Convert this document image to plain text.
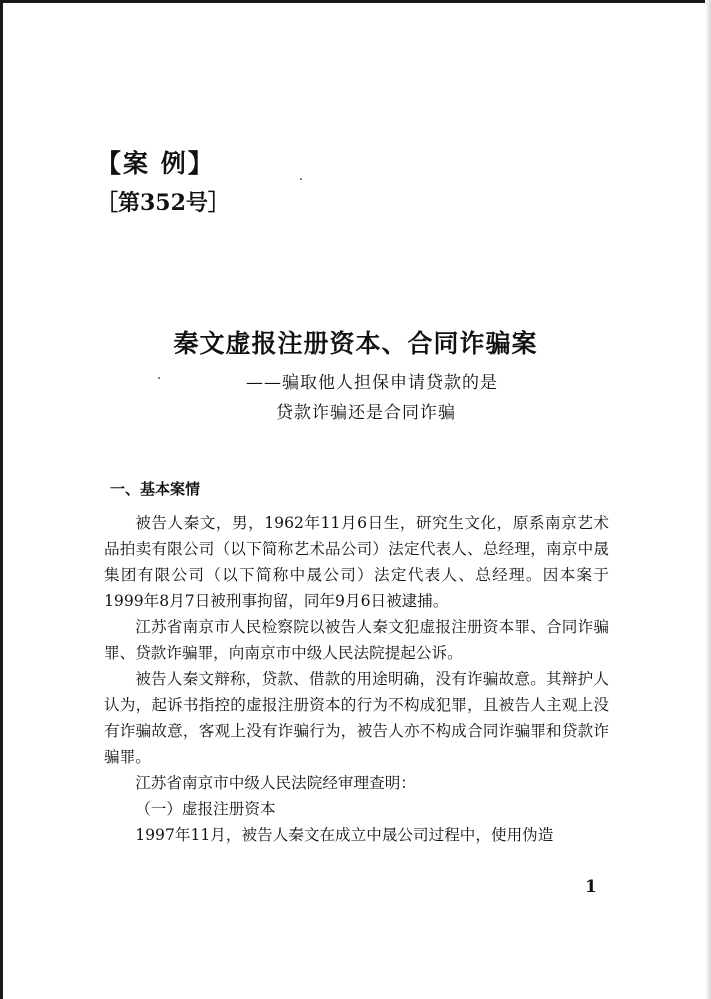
【案 例】
［第352号］
秦文虚报注册资本、合同诈骗案
——骗取他人担保申请贷款的是
贷款诈骗还是合同诈骗
一、基本案情

被告人秦文，男，1962年11月6日生，研究生文化，原系南京艺术品拍卖有限公司（以下简称艺术品公司）法定代表人、总经理，南京中晟集团有限公司（以下简称中晟公司）法定代表人、总经理。因本案于1999年8月7日被刑事拘留，同年9月6日被逮捕。

江苏省南京市人民检察院以被告人秦文犯虚报注册资本罪、合同诈骗罪、贷款诈骗罪，向南京市中级人民法院提起公诉。

被告人秦文辩称，贷款、借款的用途明确，没有诈骗故意。其辩护人认为，起诉书指控的虚报注册资本的行为不构成犯罪，且被告人主观上没有诈骗故意，客观上没有诈骗行为，被告人亦不构成合同诈骗罪和贷款诈骗罪。

江苏省南京市中级人民法院经审理查明：

（一）虚报注册资本

1997年11月，被告人秦文在成立中晟公司过程中，使用伪造

1
